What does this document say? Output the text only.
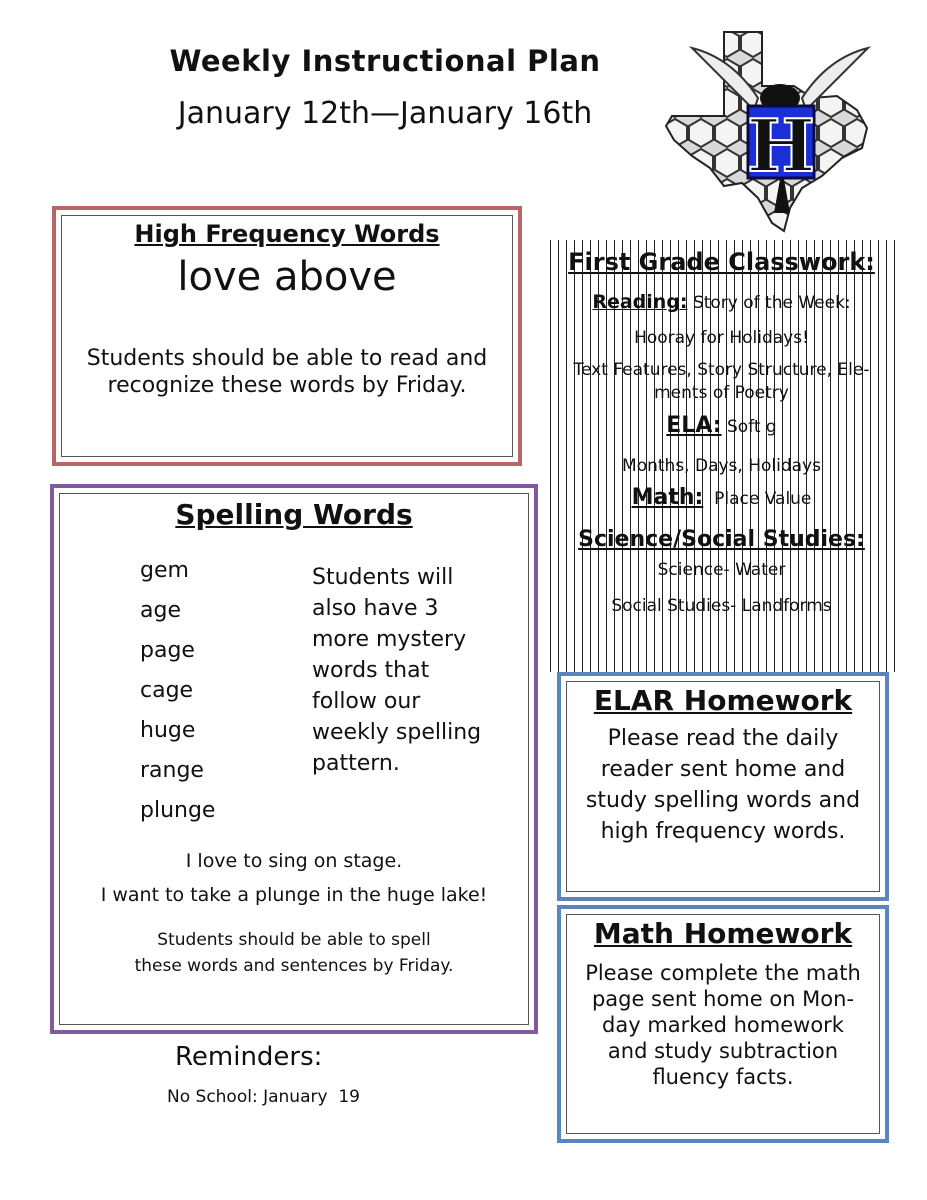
Weekly Instructional Plan
January 12th—January 16th	H
High Frequency Words
love above
Students should be able to read and
recognize these words by Friday.
First Grade Classwork:
Reading: Story of the Week:
Hooray for Holidays!
Text Features, Story Structure, Ele-
ments of Poetry
ELA: Soft g
Months, Days, Holidays
Math: Place Value
Science/Social Studies:
Science- Water
Social Studies- Landforms
Spelling Words
gem
age
page
cage
huge
range
plunge
Students will also have 3 more mystery words that follow our weekly spelling pattern.
I love to sing on stage.
I want to take a plunge in the huge lake!
Students should be able to spell
these words and sentences by Friday.
ELAR Homework
Please read the daily
reader sent home and
study spelling words and
high frequency words.
Math Homework
Please complete the math
page sent home on Mon-
day marked homework
and study subtraction
fluency facts.
Reminders:
No School: January  19
